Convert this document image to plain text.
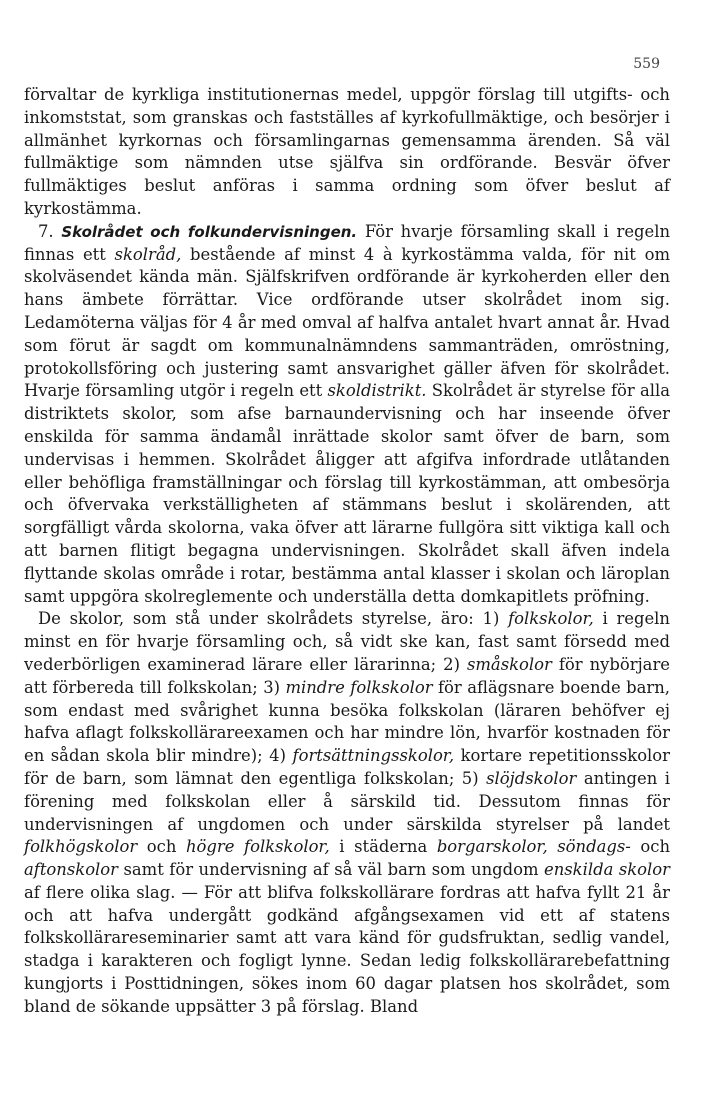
559

förvaltar de kyrkliga institutionernas medel, uppgör förslag till utgifts- och inkomststat, som granskas och fastställes af kyrkofullmäktige, och besörjer i allmänhet kyrkornas och församlingarnas gemensamma ärenden. Så väl fullmäktige som nämnden utse själfva sin ordförande. Besvär öfver fullmäktiges beslut anföras i samma ordning som öfver beslut af kyrkostämma.

7. Skolrådet och folkundervisningen. För hvarje församling skall i regeln finnas ett skolråd, bestående af minst 4 à kyrkostämma valda, för nit om skolväsendet kända män. Själfskrifven ordförande är kyrkoherden eller den hans ämbete förrättar. Vice ordförande utser skolrådet inom sig. Ledamöterna väljas för 4 år med omval af halfva antalet hvart annat år. Hvad som förut är sagdt om kommunalnämndens sammanträden, omröstning, protokollsföring och justering samt ansvarighet gäller äfven för skolrådet. Hvarje församling utgör i regeln ett skoldistrikt. Skolrådet är styrelse för alla distriktets skolor, som afse barnaundervisning och har inseende öfver enskilda för samma ändamål inrättade skolor samt öfver de barn, som undervisas i hemmen. Skolrådet åligger att afgifva infordrade utlåtanden eller behöfliga framställningar och förslag till kyrkostämman, att ombesörja och öfvervaka verkställigheten af stämmans beslut i skolärenden, att sorgfälligt vårda skolorna, vaka öfver att lärarne fullgöra sitt viktiga kall och att barnen flitigt begagna undervisningen. Skolrådet skall äfven indela flyttande skolas område i rotar, bestämma antal klasser i skolan och läroplan samt uppgöra skolreglemente och underställa detta domkapitlets pröfning.

De skolor, som stå under skolrådets styrelse, äro: 1) folkskolor, i regeln minst en för hvarje församling och, så vidt ske kan, fast samt försedd med vederbörligen examinerad lärare eller lärarinna; 2) småskolor för nybörjare att förbereda till folkskolan; 3) mindre folkskolor för aflägsnare boende barn, som endast med svårighet kunna besöka folkskolan (läraren behöfver ej hafva aflagt folkskollärareexamen och har mindre lön, hvarför kostnaden för en sådan skola blir mindre); 4) fortsättningsskolor, kortare repetitionsskolor för de barn, som lämnat den egentliga folkskolan; 5) slöjdskolor antingen i förening med folkskolan eller å särskild tid. Dessutom finnas för undervisningen af ungdomen och under särskilda styrelser på landet folkhögskolor och högre folkskolor, i städerna borgarskolor, söndags- och aftonskolor samt för undervisning af så väl barn som ungdom enskilda skolor af flere olika slag. — För att blifva folkskollärare fordras att hafva fyllt 21 år och att hafva undergått godkänd afgångsexamen vid ett af statens folkskollärareseminarier samt att vara känd för gudsfruktan, sedlig vandel, stadga i karakteren och fogligt lynne. Sedan ledig folkskollärarebefattning kungjorts i Posttidningen, sökes inom 60 dagar platsen hos skolrådet, som bland de sökande uppsätter 3 på förslag. Bland
